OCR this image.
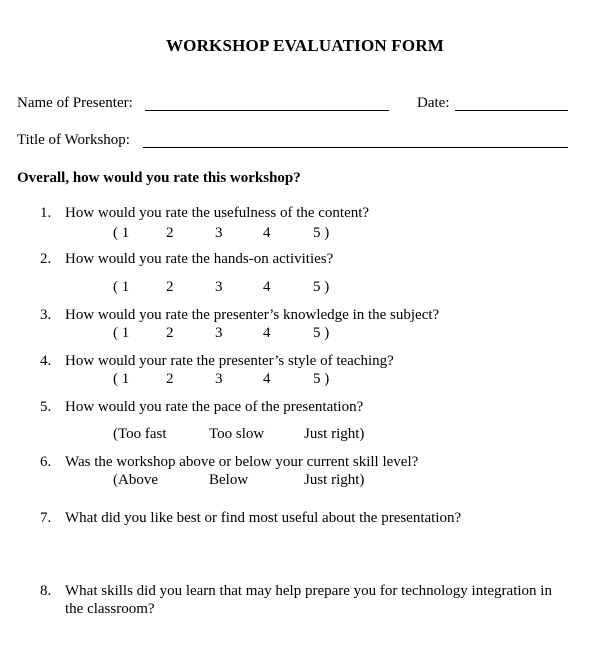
WORKSHOP EVALUATION FORM
Name of Presenter:	Date:
Title of Workshop:
Overall, how would you rate this workshop?
1. How would you rate the usefulness of the content?
( 1 2	3	4	5 )
2. How would you rate the hands-on activities?
( 1 2	3	4	5 )
3. How would you rate the presenter’s knowledge in the subject?
( 1 2	3	4	5 )
4. How would your rate the presenter’s style of teaching?
( 1 2	3	4	5 )
5. How would you rate the pace of the presentation?
(Too fast	Too slow	Just right)
6. Was the workshop above or below your current skill level?
(Above	Below	Just right)
7. What did you like best or find most useful about the presentation?
8. What skills did you learn that may help prepare you for technology integration in
the classroom?
